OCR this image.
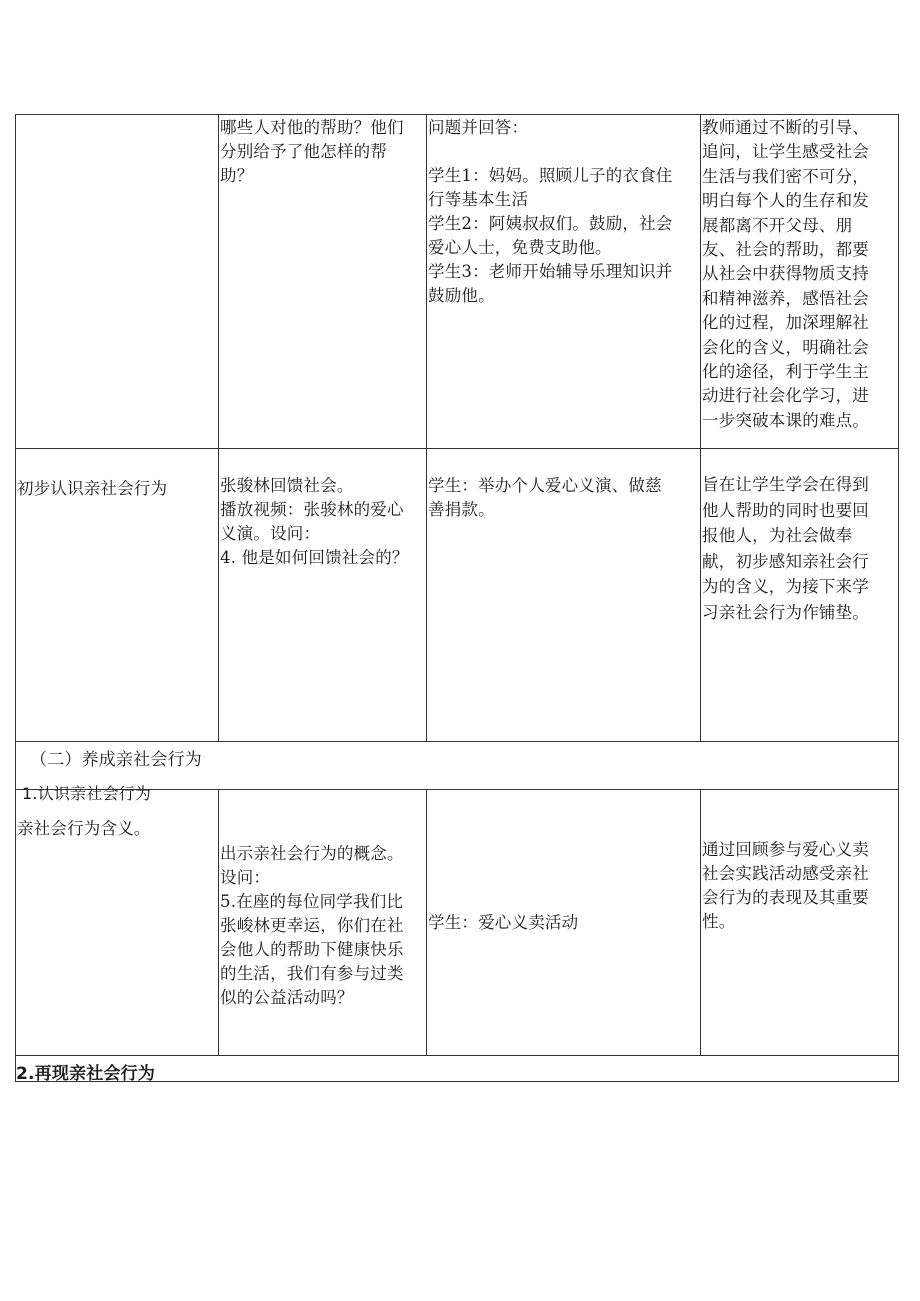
哪些人对他的帮助？他们
分别给予了他怎样的帮
助？
问题并回答：

学生1：妈妈。照顾儿子的衣食住
行等基本生活
学生2：阿姨叔叔们。鼓励，社会
爱心人士，免费支助他。
学生3：老师开始辅导乐理知识并
鼓励他。
教师通过不断的引导、
追问，让学生感受社会
生活与我们密不可分，
明白每个人的生存和发
展都离不开父母、朋
友、社会的帮助，都要
从社会中获得物质支持
和精神滋养，感悟社会
化的过程，加深理解社
会化的含义，明确社会
化的途径，利于学生主
动进行社会化学习，进
一步突破本课的难点。
初步认识亲社会行为	张骏林回馈社会。
播放视频：张骏林的爱心
义演。设问：
4. 他是如何回馈社会的？
学生：举办个人爱心义演、做慈
善捐款。
旨在让学生学会在得到
他人帮助的同时也要回
报他人，为社会做奉
献，初步感知亲社会行
为的含义，为接下来学
习亲社会行为作铺垫。
（二）养成亲社会行为
1.认识亲社会行为
亲社会行为含义。
出示亲社会行为的概念。
设问：
5.在座的每位同学我们比
张峻林更幸运，你们在社
会他人的帮助下健康快乐
的生活，我们有参与过类
似的公益活动吗？
学生：爱心义卖活动
通过回顾参与爱心义卖
社会实践活动感受亲社
会行为的表现及其重要
性。
2.再现亲社会行为
